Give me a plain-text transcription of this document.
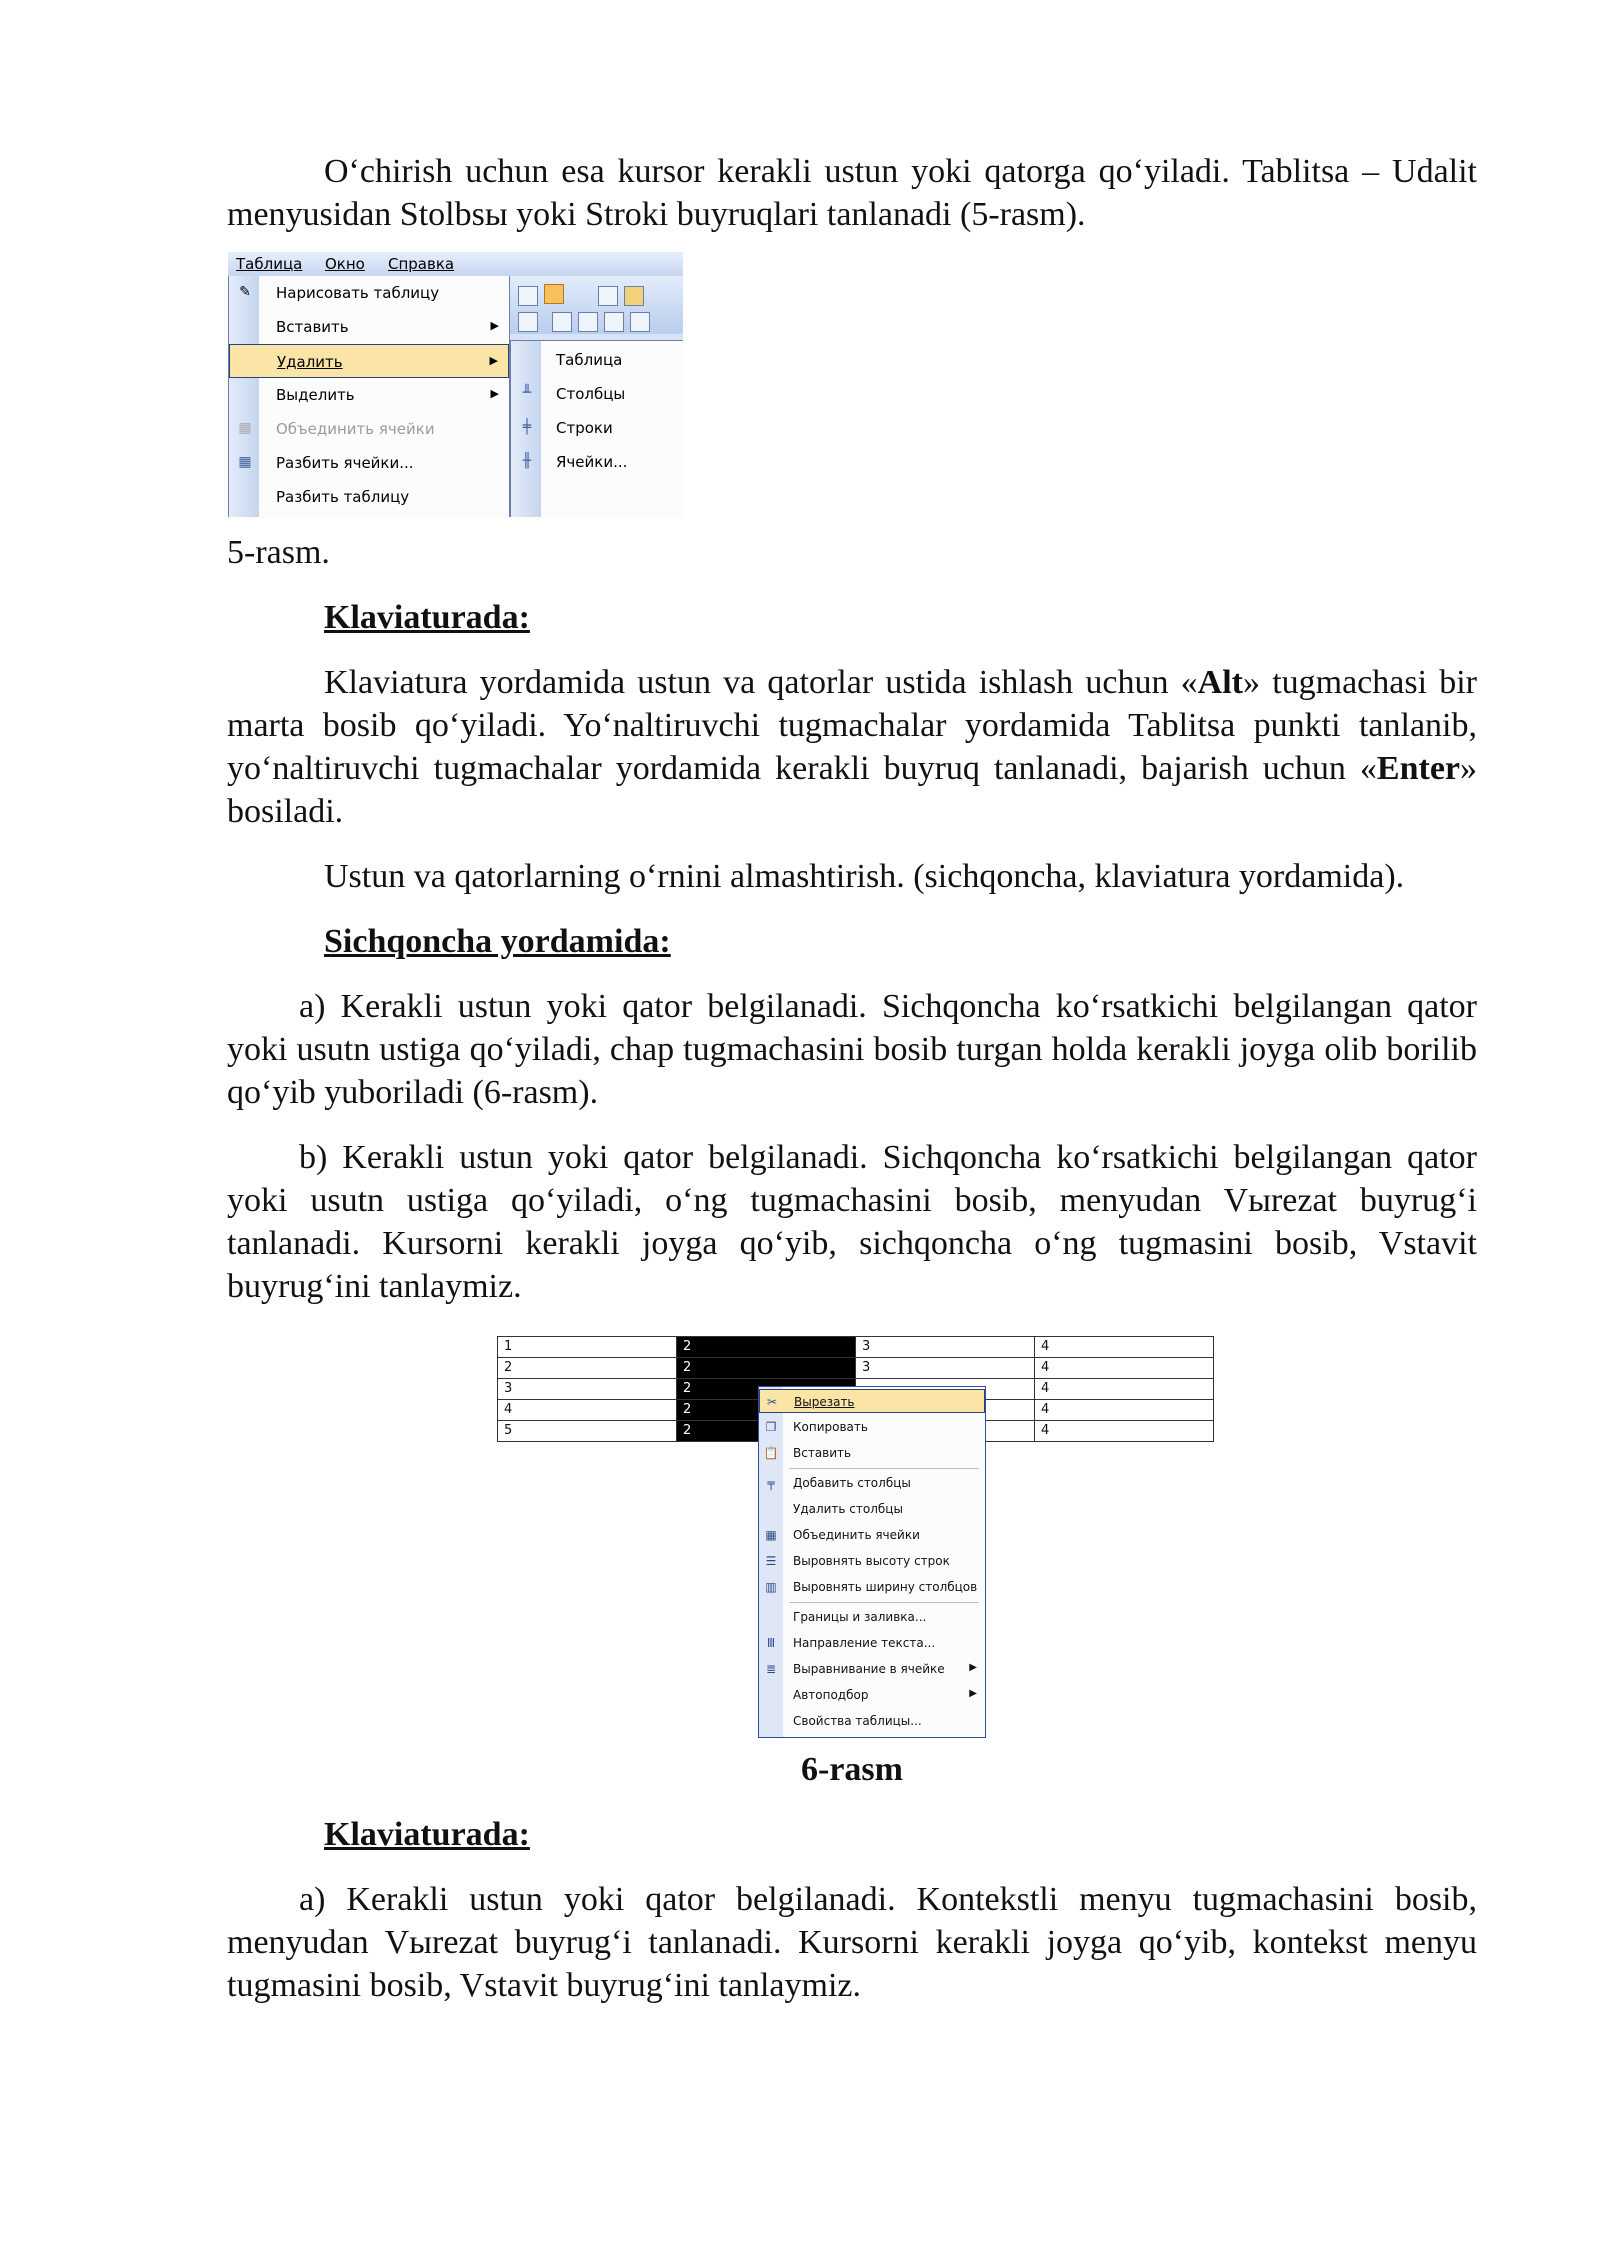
O‘chirish uchun esa kursor kerakli ustun yoki qatorga qo‘yiladi. Tablitsa – Udalit menyusidan Stolbsы yoki Stroki buyruqlari tanlanadi (5-rasm).

Таблица Окно Справка
✎ Нарисовать таблицу
Вставить	▶
Удалить	▶
Выделить	▶
▦ Объединить ячейки
▦ Разбить ячейки...
Разбить таблицу
Таблица
╨	Столбцы
╪	Строки
╫	Ячейки...
5-rasm.
Klaviaturada:

Klaviatura yordamida ustun va qatorlar ustida ishlash uchun «Alt» tugmachasi bir marta bosib qo‘yiladi. Yo‘naltiruvchi tugmachalar yordamida Tablitsa punkti tanlanib, yo‘naltiruvchi tugmachalar yordamida kerakli buyruq tanlanadi, bajarish uchun «Enter» bosiladi.

Ustun va qatorlarning o‘rnini almashtirish. (sichqoncha, klaviatura yordamida).

Sichqoncha yordamida:

a) Kerakli ustun yoki qator belgilanadi. Sichqoncha ko‘rsatkichi belgilangan qator yoki usutn ustiga qo‘yiladi, chap tugmachasini bosib turgan holda kerakli joyga olib borilib qo‘yib yuboriladi (6-rasm).

b) Kerakli ustun yoki qator belgilanadi. Sichqoncha ko‘rsatkichi belgilangan qator yoki usutn ustiga qo‘yiladi, o‘ng tugmachasini bosib, menyudan Vыrezat buyrug‘i tanlanadi. Kursorni kerakli joyga qo‘yib, sichqoncha o‘ng tugmasini bosib, Vstavit buyrug‘ini tanlaymiz.

1	2	3	4
2	2	3	4
3	2		4
4	2		4
5	2		4
✂ Вырезать
❐ Копировать
📋 Вставить
╤	Добавить столбцы
Удалить столбцы
▦ Объединить ячейки
☰ Выровнять высоту строк
▥ Выровнять ширину столбцов
Границы и заливка...
Ⅲ	Направление текста...
≣ Выравнивание в ячейке ▶
Автоподбор	▶
Свойства таблицы...
6-rasm
Klaviaturada:

a) Kerakli ustun yoki qator belgilanadi. Kontekstli menyu tugmachasini bosib, menyudan Vыrezat buyrug‘i tanlanadi. Kursorni kerakli joyga qo‘yib, kontekst menyu tugmasini bosib, Vstavit buyrug‘ini tanlaymiz.
